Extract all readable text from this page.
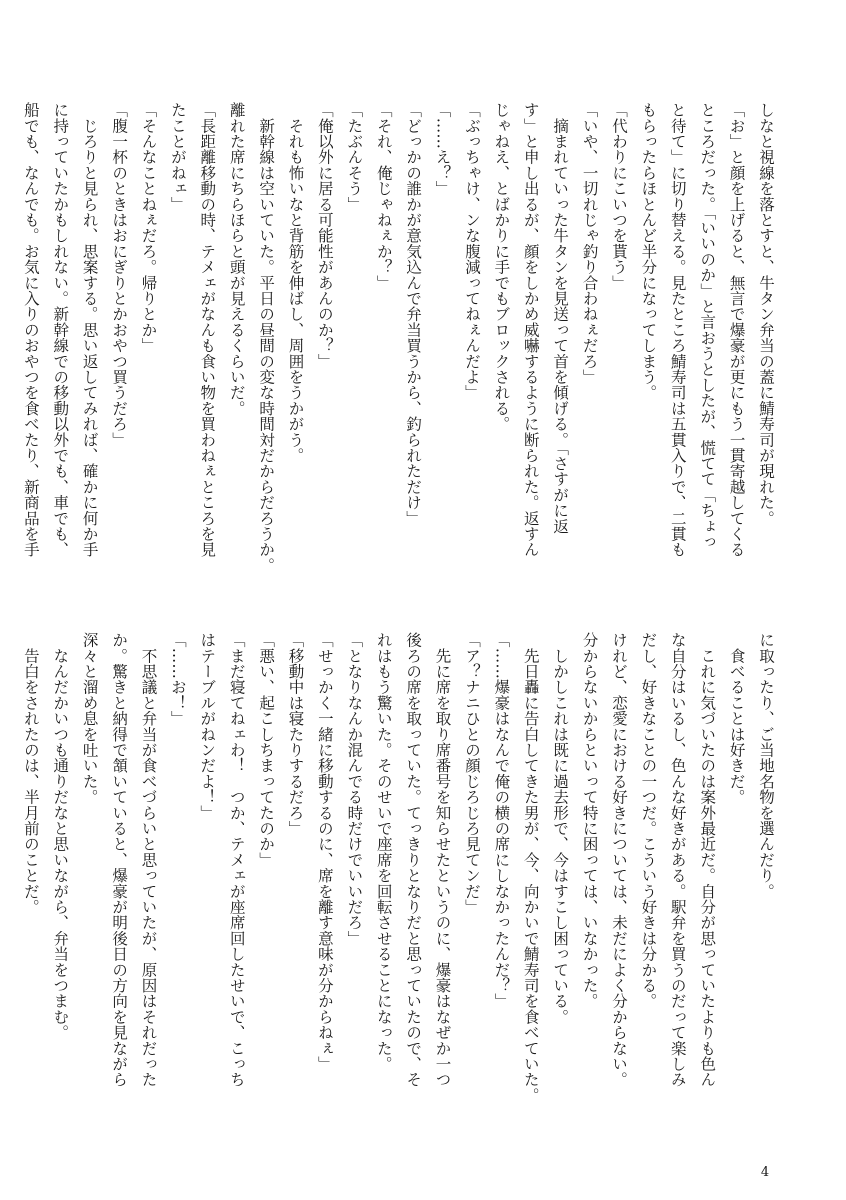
しなと視線を落とすと、牛タン弁当の蓋に鯖寿司が現れた。
「お」と顔を上げると、無言で爆豪が更にもう一貫寄越してくる
ところだった。「いいのか」と言おうとしたが、慌てて「ちょっ
と待て」に切り替える。見たところ鯖寿司は五貫入りで、二貫も
もらったらほとんど半分になってしまう。
「代わりにこいつを貰う」
「いや、一切れじゃ釣り合わねぇだろ」
　摘まれていった牛タンを見送って首を傾げる。「さすがに返
す」と申し出るが、顔をしかめ威嚇するように断られた。返すん
じゃねえ、とばかりに手でもブロックされる。
「ぶっちゃけ、ンな腹減ってねぇんだよ」
「……え？」
「どっかの誰かが意気込んで弁当買うから、釣られただけ」
「それ、俺じゃねぇか？」
「たぶんそう」
「俺以外に居る可能性があんのか？」
　それも怖いなと背筋を伸ばし、周囲をうかがう。
　新幹線は空いていた。平日の昼間の変な時間対だからだろうか。
離れた席にちらほらと頭が見えるくらいだ。
「長距離移動の時、テメェがなんも食い物を買わねぇところを見
たことがねェ」
「そんなことねぇだろ。帰りとか」
「腹一杯のときはおにぎりとかおやつ買うだろ」
　じろりと見られ、思案する。思い返してみれば、確かに何か手
に持っていたかもしれない。新幹線での移動以外でも、車でも、
船でも、なんでも。お気に入りのおやつを食べたり、新商品を手
に取ったり、ご当地名物を選んだり。
　食べることは好きだ。
　これに気づいたのは案外最近だ。自分が思っていたよりも色ん
な自分はいるし、色んな好きがある。駅弁を買うのだって楽しみ
だし、好きなことの一つだ。こういう好きは分かる。
けれど、恋愛における好きについては、未だによく分からない。
分からないからといって特に困っては、いなかった。
　しかしこれは既に過去形で、今はすこし困っている。
　先日轟に告白してきた男が、今、向かいで鯖寿司を食べていた。
「……爆豪はなんで俺の横の席にしなかったんだ？」
「ア？ナニひとの顔じろじろ見てンだ」
　先に席を取り席番号を知らせたというのに、爆豪はなぜか一つ
後ろの席を取っていた。てっきりとなりだと思っていたので、そ
れはもう驚いた。そのせいで座席を回転させることになった。
「となりなんか混んでる時だけでいいだろ」
「せっかく一緒に移動するのに、席を離す意味が分からねぇ」
「移動中は寝たりするだろ」
「悪い、起こしちまってたのか」
「まだ寝てねェわ！　つか、テメェが座席回したせいで、こっち
はテーブルがねンだよ！」
「……お！」
　不思議と弁当が食べづらいと思っていたが、原因はそれだった
か。驚きと納得で頷いていると、爆豪が明後日の方向を見ながら
深々と溜め息を吐いた。
　なんだかいつも通りだなと思いながら、弁当をつまむ。
　告白をされたのは、半月前のことだ。
4
